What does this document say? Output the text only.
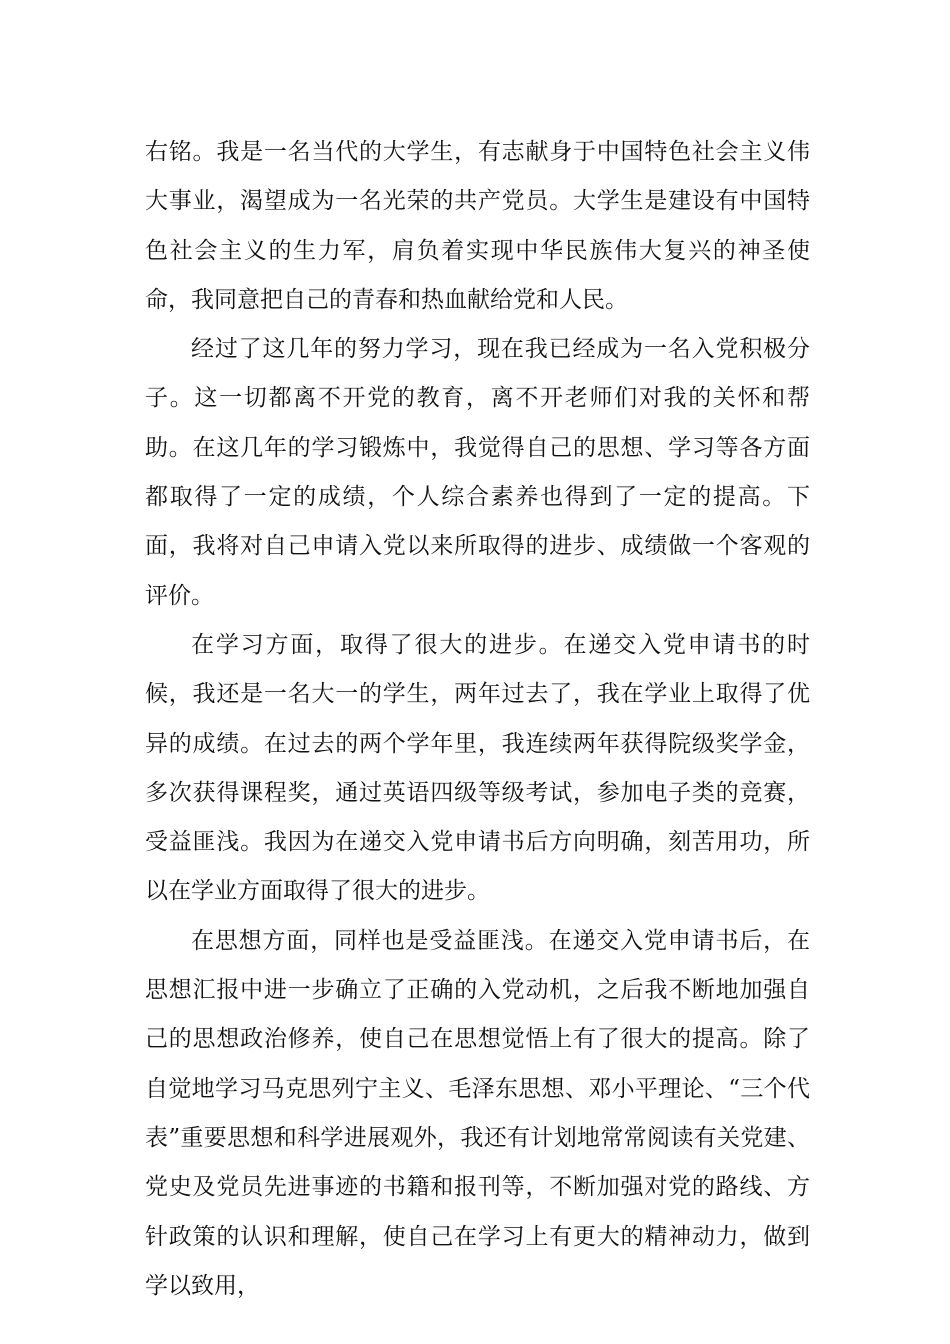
右铭。我是一名当代的大学生，有志献身于中国特色社会主义伟大事业，渴望成为一名光荣的共产党员。大学生是建设有中国特色社会主义的生力军，肩负着实现中华民族伟大复兴的神圣使命，我同意把自己的青春和热血献给党和人民。

经过了这几年的努力学习，现在我已经成为一名入党积极分子。这一切都离不开党的教育，离不开老师们对我的关怀和帮助。在这几年的学习锻炼中，我觉得自己的思想、学习等各方面都取得了一定的成绩，个人综合素养也得到了一定的提高。下面，我将对自己申请入党以来所取得的进步、成绩做一个客观的评价。

在学习方面，取得了很大的进步。在递交入党申请书的时候，我还是一名大一的学生，两年过去了，我在学业上取得了优异的成绩。在过去的两个学年里，我连续两年获得院级奖学金，多次获得课程奖，通过英语四级等级考试，参加电子类的竞赛，受益匪浅。我因为在递交入党申请书后方向明确，刻苦用功，所以在学业方面取得了很大的进步。

在思想方面，同样也是受益匪浅。在递交入党申请书后，在思想汇报中进一步确立了正确的入党动机，之后我不断地加强自己的思想政治修养，使自己在思想觉悟上有了很大的提高。除了自觉地学习马克思列宁主义、毛泽东思想、邓小平理论、“三个代表”重要思想和科学进展观外，我还有计划地常常阅读有关党建、党史及党员先进事迹的书籍和报刊等，不断加强对党的路线、方针政策的认识和理解，使自己在学习上有更大的精神动力，做到学以致用，
